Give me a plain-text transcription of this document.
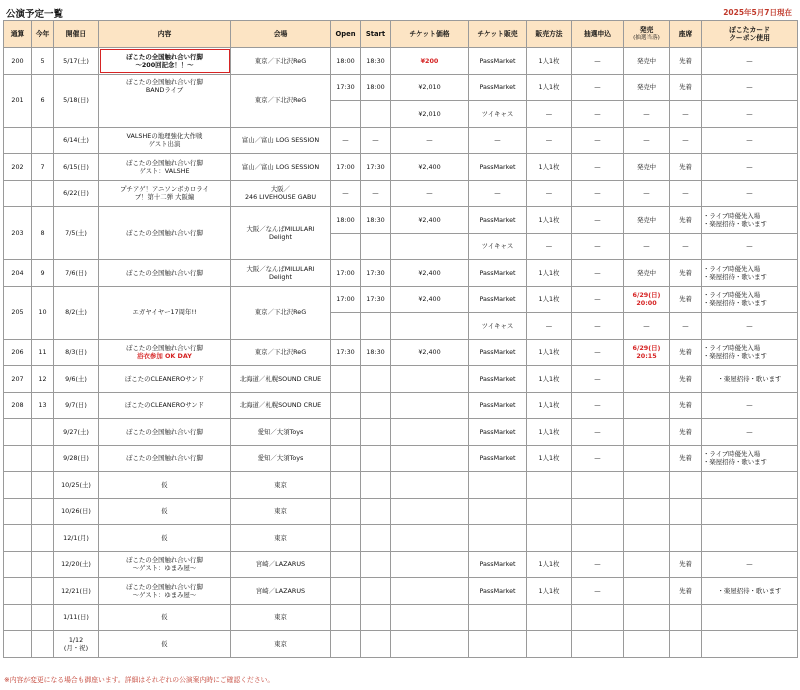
公演予定一覧	2025年5月7日現在
通算	今年	開催日	内容	会場	Open	Start	チケット価格	チケット販売	販売方法	抽選申込	発売
(抽選当落)	座席	ぽこたカード
クーポン使用

200	5	5/17(土)	ぽこたの全国触れ合い行脚
〜200回記念！！〜	東京／下北沢ReG	18:00	18:30	¥200	PassMarket	1人1枚	—	発売中	先着	—
201	6	5/18(日)	ぽこたの全国触れ合い行脚
BANDライブ	東京／下北沢ReG	17:30	18:00	¥2,010	PassMarket	1人1枚	—	発売中	先着	—
							¥2,010	ツイキャス	—	—	—	—	—
		6/14(土)	VALSHEの地理強化大作戦
ゲスト出演	富山／富山 LOG SESSION	—	—	—	—	—	—	—	—	—
202	7	6/15(日)	ぽこたの全国触れ合い行脚
ゲスト：VALSHE	富山／富山 LOG SESSION	17:00	17:30	¥2,400	PassMarket	1人1枚	—	発売中	先着	—
		6/22(日)	プチアゲ！アニソンボカロライ
ブ！第十二弾 大阪編	大阪／
246 LIVEHOUSE GABU	—	—	—	—	—	—	—	—	—
203	8	7/5(土)	ぽこたの全国触れ合い行脚	大阪／なんばMILULARI
Delight	18:00	18:30	¥2,400	PassMarket	1人1枚	—	発売中	先着	・ライブ時優先入場
・楽屋招待・歌います

								ツイキャス	—	—	—	—	—
204	9	7/6(日)	ぽこたの全国触れ合い行脚	大阪／なんばMILULARI
Delight	17:00	17:30	¥2,400	PassMarket	1人1枚	—	発売中	先着	・ライブ時優先入場
・楽屋招待・歌います

205	10	8/2(土)	エガヤイヤー17周年!!	東京／下北沢ReG	17:00	17:30	¥2,400	PassMarket	1人1枚	—	6/29(日)
20:00	先着	・ライブ時優先入場
・楽屋招待・歌います

								ツイキャス	—	—	—	—	—
206	11	8/3(日)	ぽこたの全国触れ合い行脚
浴衣参加 OK DAY	東京／下北沢ReG	17:30	18:30	¥2,400	PassMarket	1人1枚	—	6/29(日)
20:15	先着	・ライブ時優先入場
・楽屋招待・歌います

207	12	9/6(土)	ぽこたのCLEANEROサンド	北海道／札幌SOUND CRUE				PassMarket	1人1枚	—		先着	・楽屋招待・歌います
208	13	9/7(日)	ぽこたのCLEANEROサンド	北海道／札幌SOUND CRUE				PassMarket	1人1枚	—		先着	—
		9/27(土)	ぽこたの全国触れ合い行脚	愛知／大須Toys				PassMarket	1人1枚	—		先着	—
		9/28(日)	ぽこたの全国触れ合い行脚	愛知／大須Toys				PassMarket	1人1枚	—		先着	・ライブ時優先入場
・楽屋招待・歌います

		10/25(土)	仮	東京									
		10/26(日)	仮	東京									
		12/1(月)	仮	東京									
		12/20(土)	ぽこたの全国触れ合い行脚
〜ゲスト：ゆまみ屋〜	宮崎／LAZARUS				PassMarket	1人1枚	—		先着	—
		12/21(日)	ぽこたの全国触れ合い行脚
〜ゲスト：ゆまみ屋〜	宮崎／LAZARUS				PassMarket	1人1枚	—		先着	・楽屋招待・歌います
		1/11(日)	仮	東京									

		1/12
(月・祝)	仮	東京									
※内容が変更になる場合も御座います。詳細はそれぞれの公演案内時にご確認ください。
